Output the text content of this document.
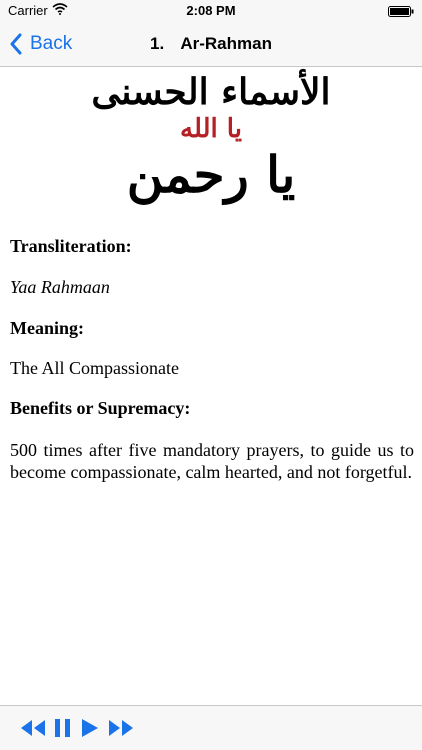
Carrier	2:08 PM
Back	1. Ar-Rahman
الأسماء الحسنى
يا الله
يا رحمن

Transliteration:

Yaa Rahmaan

Meaning:

The All Compassionate

Benefits or Supremacy:

500 times after five mandatory prayers, to guide us to become compassionate, calm hearted, and not forgetful.
